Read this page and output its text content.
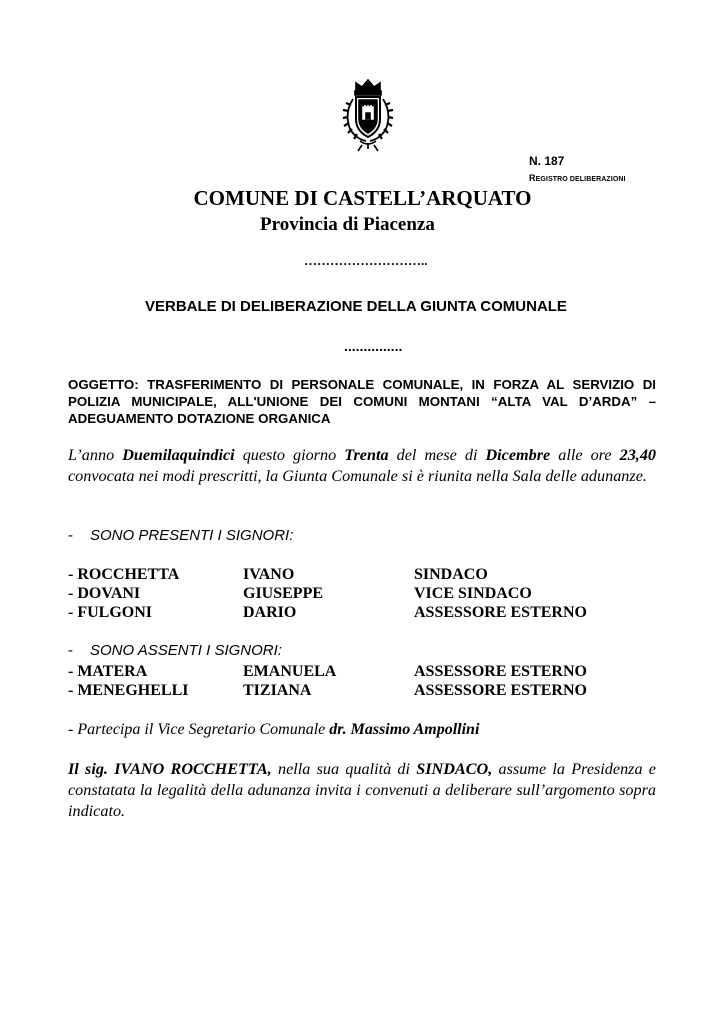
N. 187
REGISTRO DELIBERAZIONI
COMUNE DI CASTELL’ARQUATO
Provincia di Piacenza
………………………..
VERBALE DI DELIBERAZIONE DELLA GIUNTA COMUNALE
...............

OGGETTO: TRASFERIMENTO DI PERSONALE COMUNALE, IN FORZA AL SERVIZIO DI POLIZIA MUNICIPALE, ALL'UNIONE DEI COMUNI MONTANI “ALTA VAL D’ARDA” – ADEGUAMENTO DOTAZIONE ORGANICA

L’anno Duemilaquindici questo giorno Trenta del mese di Dicembre alle ore 23,40 convocata nei modi prescritti, la Giunta Comunale si è riunita nella Sala delle adunanze.

- SONO PRESENTI I SIGNORI:
- ROCCHETTA	IVANO	SINDACO
- DOVANI	GIUSEPPE	VICE SINDACO
- FULGONI	DARIO	ASSESSORE ESTERNO
- SONO ASSENTI I SIGNORI:
- MATERA	EMANUELA	ASSESSORE ESTERNO
- MENEGHELLI	TIZIANA	ASSESSORE ESTERNO
- Partecipa il Vice Segretario Comunale dr. Massimo Ampollini

Il sig. IVANO ROCCHETTA, nella sua qualità di SINDACO, assume la Presidenza e constatata la legalità della adunanza invita i convenuti a deliberare sull’argomento sopra indicato.
